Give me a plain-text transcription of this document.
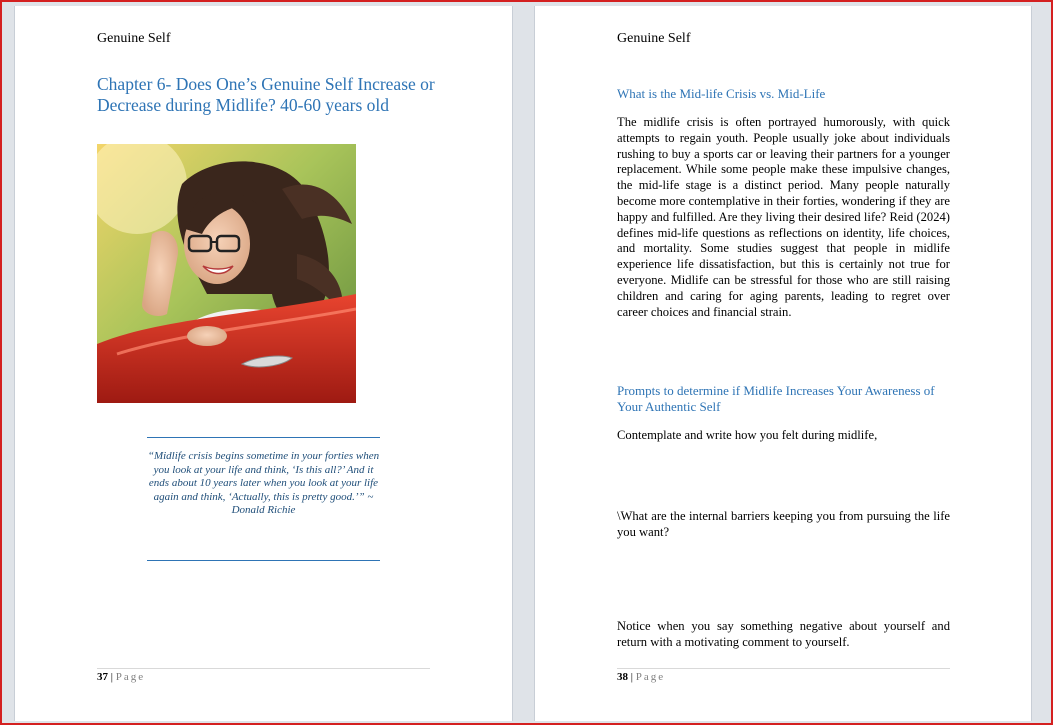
Genuine Self
Chapter 6- Does One’s Genuine Self Increase or Decrease during Midlife? 40-60 years old
“Midlife crisis begins sometime in your forties when you look at your life and think, ‘Is this all?’ And it ends about 10 years later when you look at your life again and think, ‘Actually, this is pretty good.’” ~ Donald Richie
37 | Page
Genuine Self
What is the Mid-life Crisis vs. Mid-Life
The midlife crisis is often portrayed humorously, with quick attempts to regain youth. People usually joke about individuals rushing to buy a sports car or leaving their partners for a younger replacement. While some people make these impulsive changes, the mid-life stage is a distinct period. Many people naturally become more contemplative in their forties, wondering if they are happy and fulfilled. Are they living their desired life? Reid (2024) defines mid-life questions as reflections on identity, life choices, and mortality. Some studies suggest that people in midlife experience life dissatisfaction, but this is certainly not true for everyone. Midlife can be stressful for those who are still raising children and caring for aging parents, leading to regret over career choices and financial strain.
Prompts to determine if Midlife Increases Your Awareness of Your Authentic Self
Contemplate and write how you felt during midlife,
\What are the internal barriers keeping you from pursuing the life you want?
Notice when you say something negative about yourself and return with a motivating comment to yourself.
38 | Page
